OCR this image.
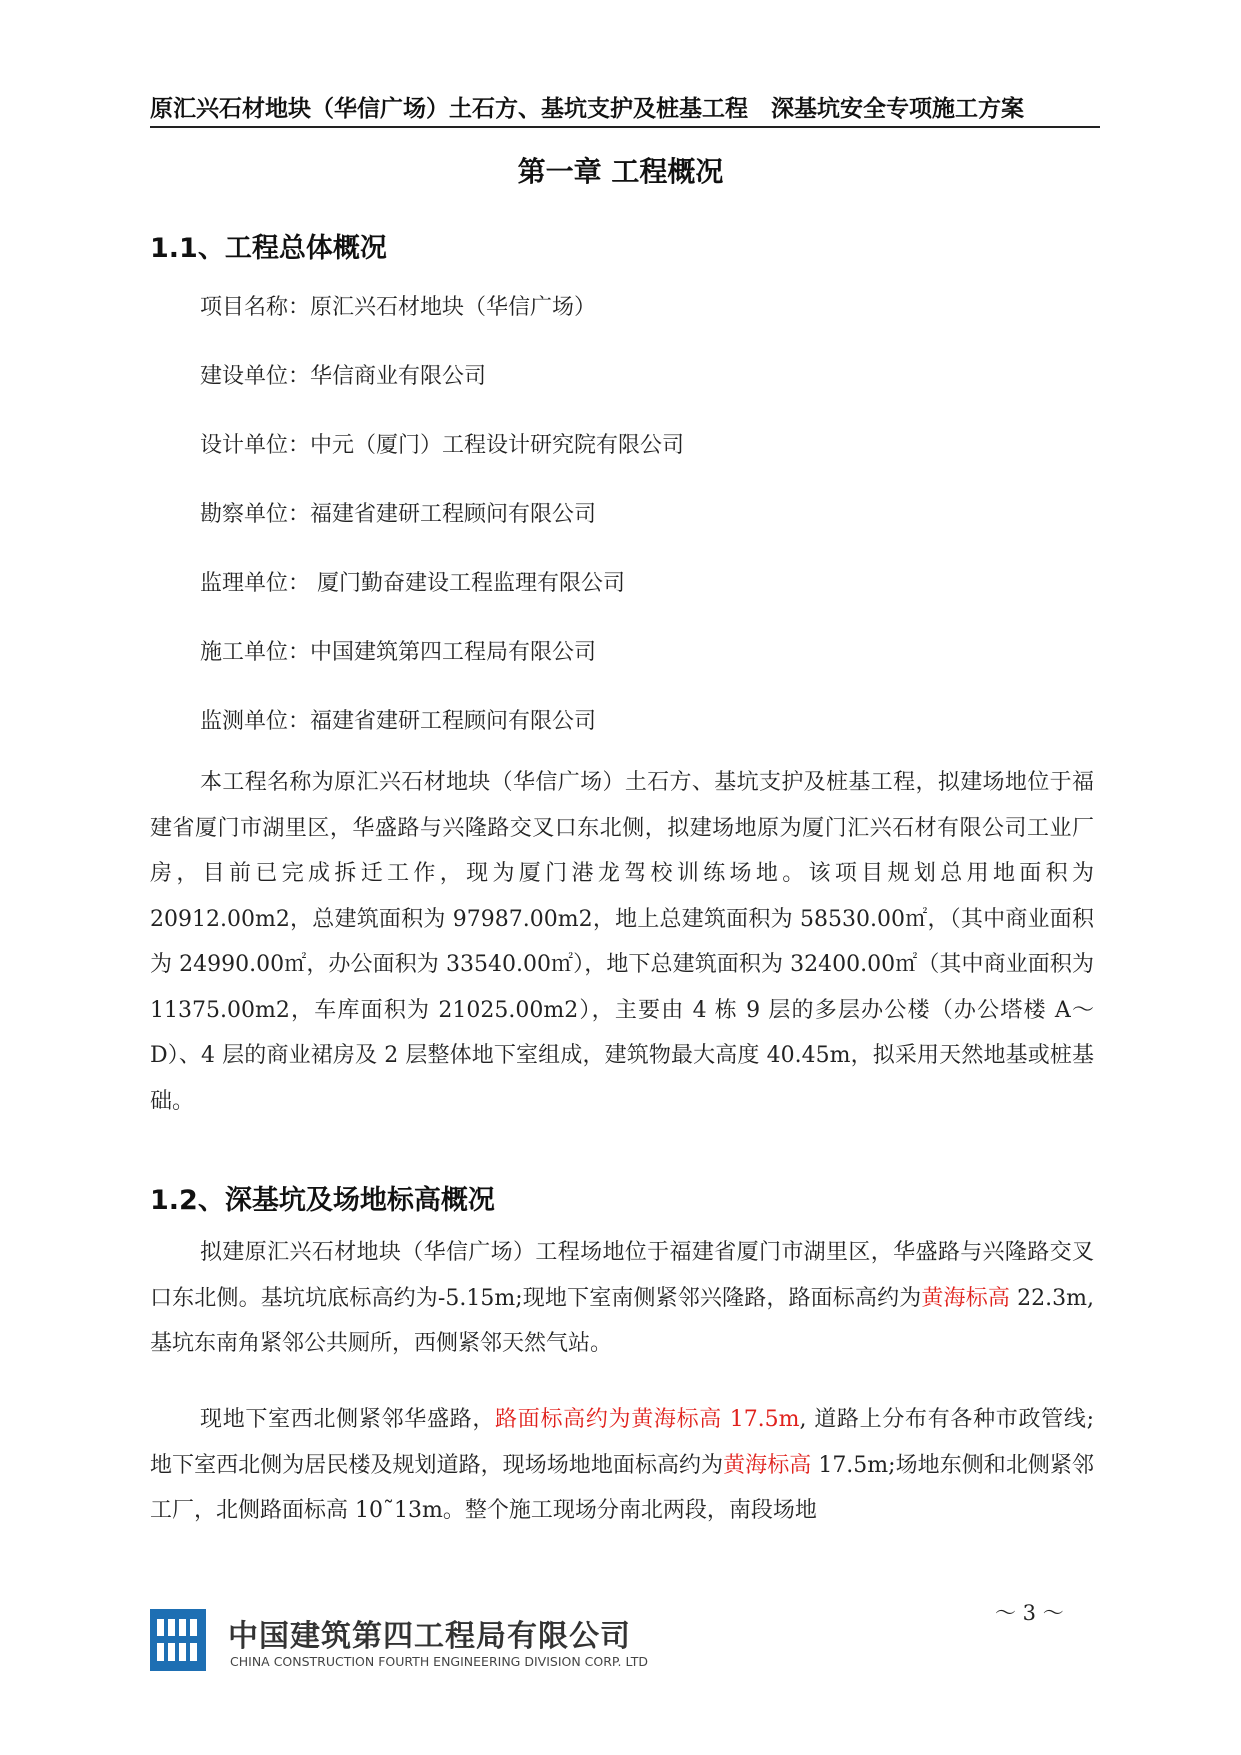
原汇兴石材地块（华信广场）土石方、基坑支护及桩基工程　深基坑安全专项施工方案
第一章 工程概况
1.1、工程总体概况
项目名称：原汇兴石材地块（华信广场）
建设单位：华信商业有限公司
设计单位：中元（厦门）工程设计研究院有限公司
勘察单位：福建省建研工程顾问有限公司
监理单位： 厦门勤奋建设工程监理有限公司
施工单位：中国建筑第四工程局有限公司
监测单位：福建省建研工程顾问有限公司
本工程名称为原汇兴石材地块（华信广场）土石方、基坑支护及桩基工程，拟建场地位于福建省厦门市湖里区，华盛路与兴隆路交叉口东北侧，拟建场地原为厦门汇兴石材有限公司工业厂房，目前已完成拆迁工作，现为厦门港龙驾校训练场地。该项目规划总用地面积为 20912.00m2，总建筑面积为 97987.00m2，地上总建筑面积为 58530.00㎡，（其中商业面积为 24990.00㎡，办公面积为 33540.00㎡），地下总建筑面积为 32400.00㎡（其中商业面积为 11375.00m2，车库面积为 21025.00m2），主要由 4 栋 9 层的多层办公楼（办公塔楼 A～D）、4 层的商业裙房及 2 层整体地下室组成，建筑物最大高度 40.45m，拟采用天然地基或桩基础。
1.2、深基坑及场地标高概况
拟建原汇兴石材地块（华信广场）工程场地位于福建省厦门市湖里区，华盛路与兴隆路交叉口东北侧。基坑坑底标高约为-5.15m;现地下室南侧紧邻兴隆路，路面标高约为黄海标高 22.3m,基坑东南角紧邻公共厕所，西侧紧邻天然气站。
现地下室西北侧紧邻华盛路，路面标高约为黄海标高 17.5m, 道路上分布有各种市政管线; 地下室西北侧为居民楼及规划道路，现场场地地面标高约为黄海标高 17.5m;场地东侧和北侧紧邻工厂，北侧路面标高 10˜13m。整个施工现场分南北两段，南段场地
～ 3 ～
中国建筑第四工程局有限公司
CHINA CONSTRUCTION FOURTH ENGINEERING DIVISION CORP. LTD
